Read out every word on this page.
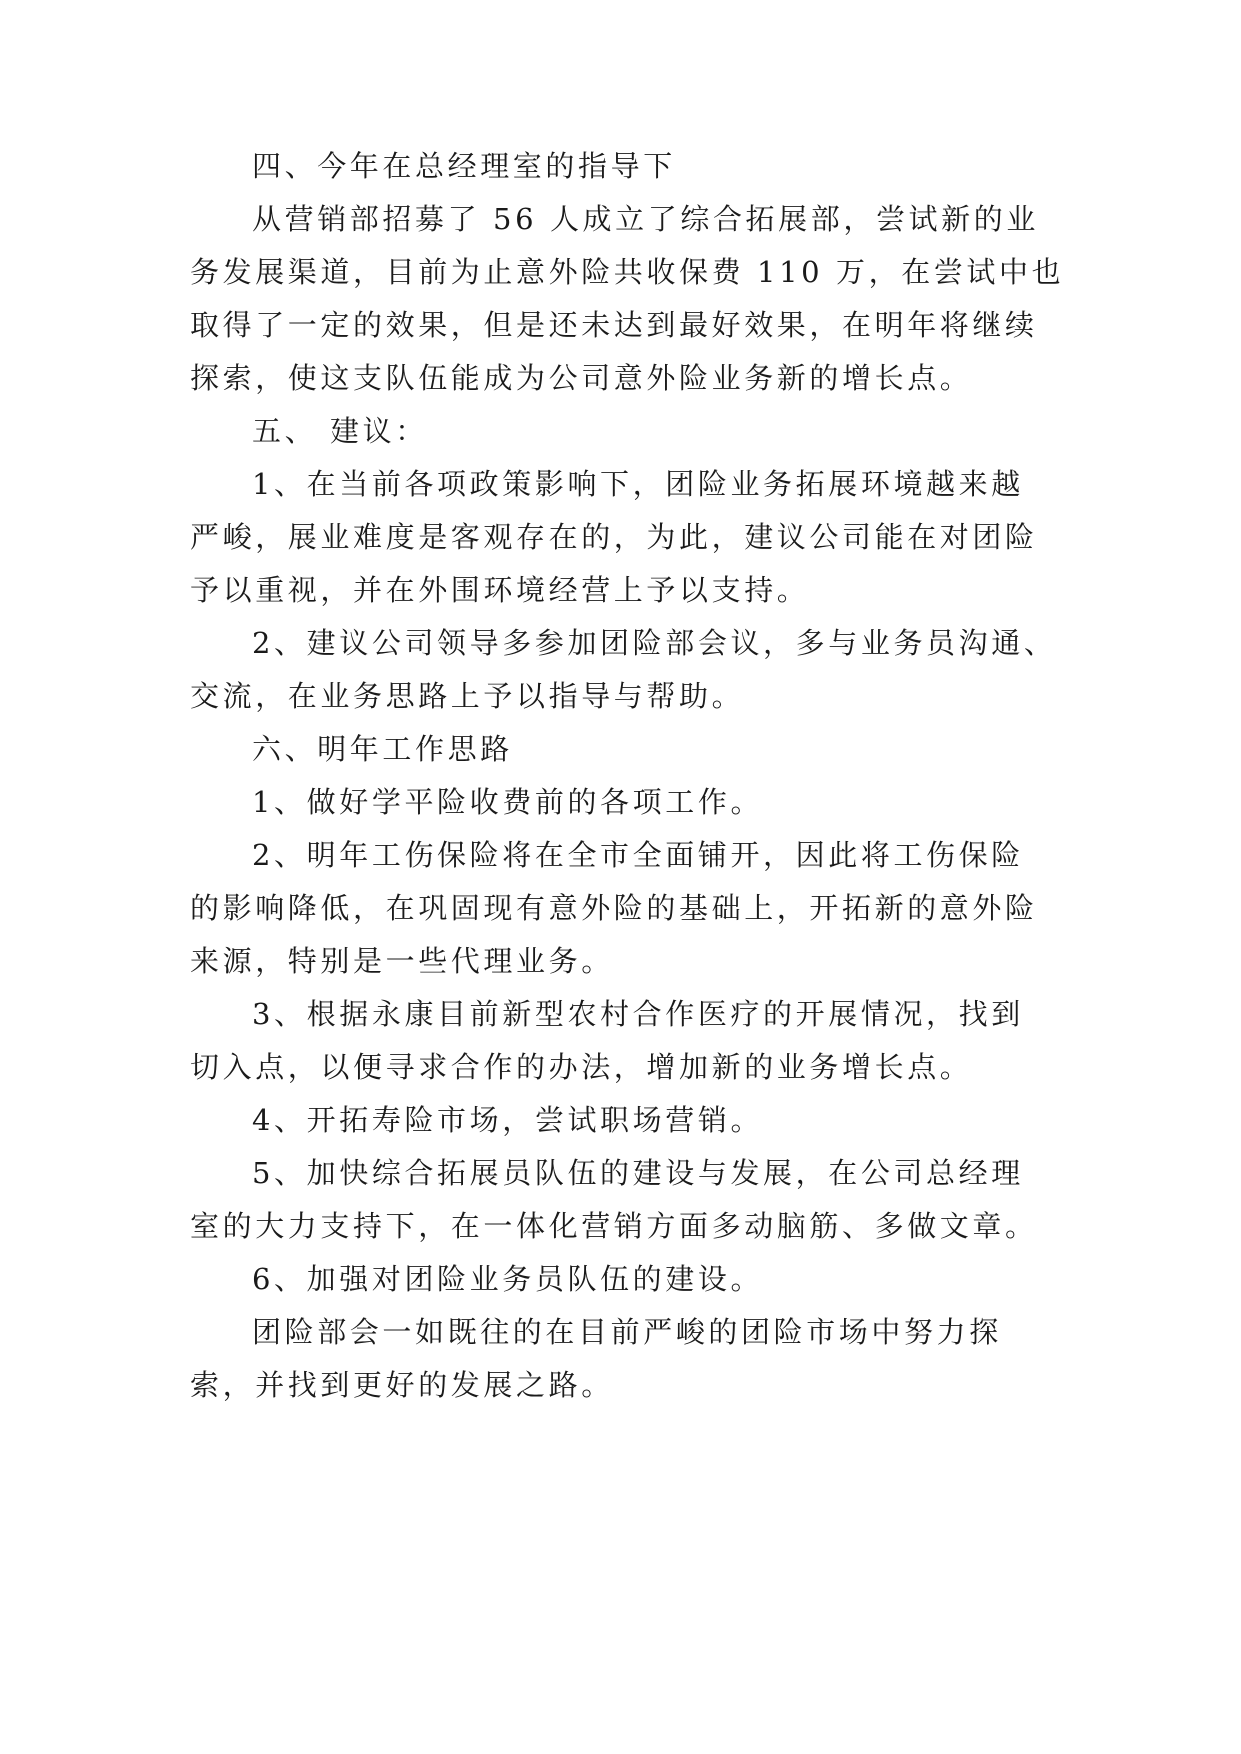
四、今年在总经理室的指导下
从营销部招募了 56 人成立了综合拓展部，尝试新的业
务发展渠道，目前为止意外险共收保费 110 万，在尝试中也
取得了一定的效果，但是还未达到最好效果，在明年将继续
探索，使这支队伍能成为公司意外险业务新的增长点。
五、 建议：
1、在当前各项政策影响下，团险业务拓展环境越来越
严峻，展业难度是客观存在的，为此，建议公司能在对团险
予以重视，并在外围环境经营上予以支持。
2、建议公司领导多参加团险部会议，多与业务员沟通、
交流，在业务思路上予以指导与帮助。
六、明年工作思路
1、做好学平险收费前的各项工作。
2、明年工伤保险将在全市全面铺开，因此将工伤保险
的影响降低，在巩固现有意外险的基础上，开拓新的意外险
来源，特别是一些代理业务。
3、根据永康目前新型农村合作医疗的开展情况，找到
切入点，以便寻求合作的办法，增加新的业务增长点。
4、开拓寿险市场，尝试职场营销。
5、加快综合拓展员队伍的建设与发展，在公司总经理
室的大力支持下，在一体化营销方面多动脑筋、多做文章。
6、加强对团险业务员队伍的建设。
团险部会一如既往的在目前严峻的团险市场中努力探
索，并找到更好的发展之路。
